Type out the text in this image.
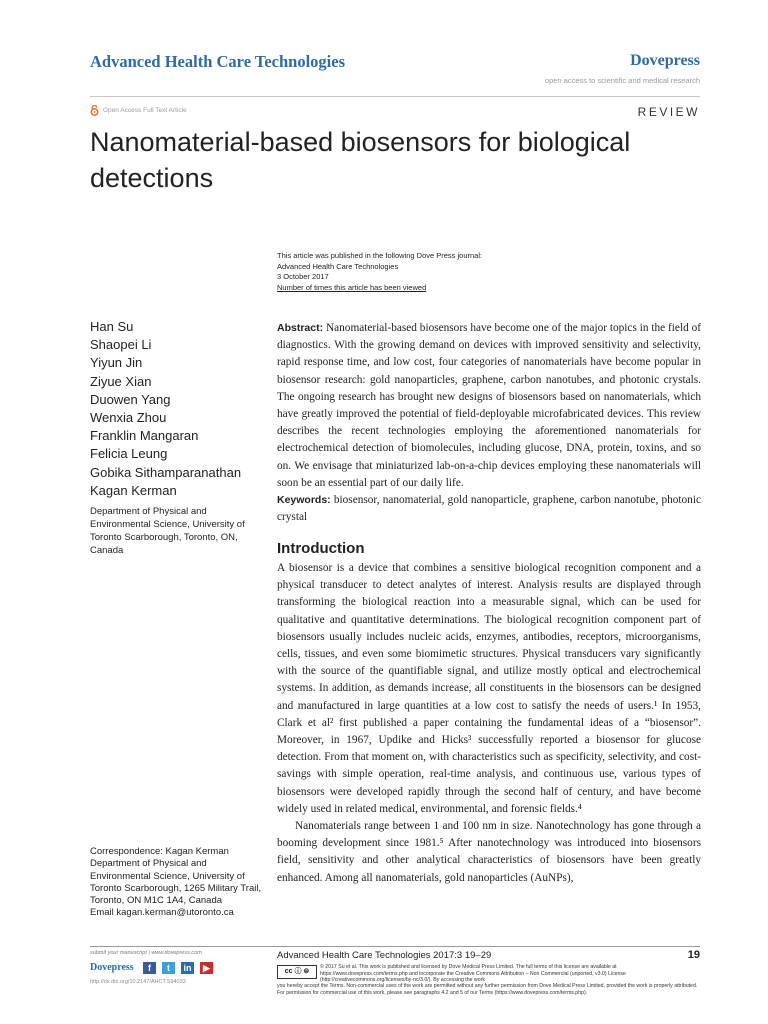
Advanced Health Care Technologies	Dovepress
open access to scientific and medical research
Open Access Full Text Article	REVIEW
Nanomaterial-based biosensors for biological detections
This article was published in the following Dove Press journal:
Advanced Health Care Technologies
3 October 2017
Number of times this article has been viewed
Han Su
Shaopei Li
Yiyun Jin
Ziyue Xian
Duowen Yang
Wenxia Zhou
Franklin Mangaran
Felicia Leung
Gobika Sithamparanathan
Kagan Kerman
Department of Physical and Environmental Science, University of Toronto Scarborough, Toronto, ON, Canada
Abstract: Nanomaterial-based biosensors have become one of the major topics in the field of diagnostics. With the growing demand on devices with improved sensitivity and selectivity, rapid response time, and low cost, four categories of nanomaterials have become popular in biosensor research: gold nanoparticles, graphene, carbon nanotubes, and photonic crystals. The ongoing research has brought new designs of biosensors based on nanomaterials, which have greatly improved the potential of field-deployable microfabricated devices. This review describes the recent technologies employing the aforementioned nanomaterials for electrochemical detection of biomolecules, including glucose, DNA, protein, toxins, and so on. We envisage that miniaturized lab-on-a-chip devices employing these nanomaterials will soon be an essential part of our daily life.
Keywords: biosensor, nanomaterial, gold nanoparticle, graphene, carbon nanotube, photonic crystal
Introduction

A biosensor is a device that combines a sensitive biological recognition component and a physical transducer to detect analytes of interest. Analysis results are displayed through transforming the biological reaction into a measurable signal, which can be used for qualitative and quantitative determinations. The biological recognition component part of biosensors usually includes nucleic acids, enzymes, antibodies, receptors, microorganisms, cells, tissues, and even some biomimetic structures. Physical transducers vary significantly with the source of the quantifiable signal, and utilize mostly optical and electrochemical systems. In addition, as demands increase, all constituents in the biosensors can be designed and manufactured in large quantities at a low cost to satisfy the needs of users.¹ In 1953, Clark et al² first published a paper containing the fundamental ideas of a “biosensor”. Moreover, in 1967, Updike and Hicks³ successfully reported a biosensor for glucose detection. From that moment on, with characteristics such as specificity, selectivity, and cost-savings with simple operation, real-time analysis, and continuous use, various types of biosensors were developed rapidly through the second half of century, and have become widely used in related medical, environmental, and forensic fields.⁴

Nanomaterials range between 1 and 100 nm in size. Nanotechnology has gone through a booming development since 1981.⁵ After nanotechnology was introduced into biosensors field, sensitivity and other analytical characteristics of biosensors have been greatly enhanced. Among all nanomaterials, gold nanoparticles (AuNPs),

Correspondence: Kagan Kerman
Department of Physical and Environmental Science, University of Toronto Scarborough, 1265 Military Trail, Toronto, ON M1C 1A4, Canada
Email kagan.kerman@utoronto.ca
submit your manuscript | www.dovepress.com
Dovepress	f	t	in	▶
http://dx.doi.org/10.2147/AHCT.S94033
Advanced Health Care Technologies 2017:3 19–29	19
cc ⓘ ⊜
© 2017 Su et al. This work is published and licensed by Dove Medical Press Limited. The full terms of this license are available at https://www.dovepress.com/terms.php and incorporate the Creative Commons Attribution – Non Commercial (unported, v3.0) License (http://creativecommons.org/licenses/by-nc/3.0/). By accessing the work
you hereby accept the Terms. Non-commercial uses of the work are permitted without any further permission from Dove Medical Press Limited, provided the work is properly attributed. For permission for commercial use of this work, please see paragraphs 4.2 and 5 of our Terms (https://www.dovepress.com/terms.php).
